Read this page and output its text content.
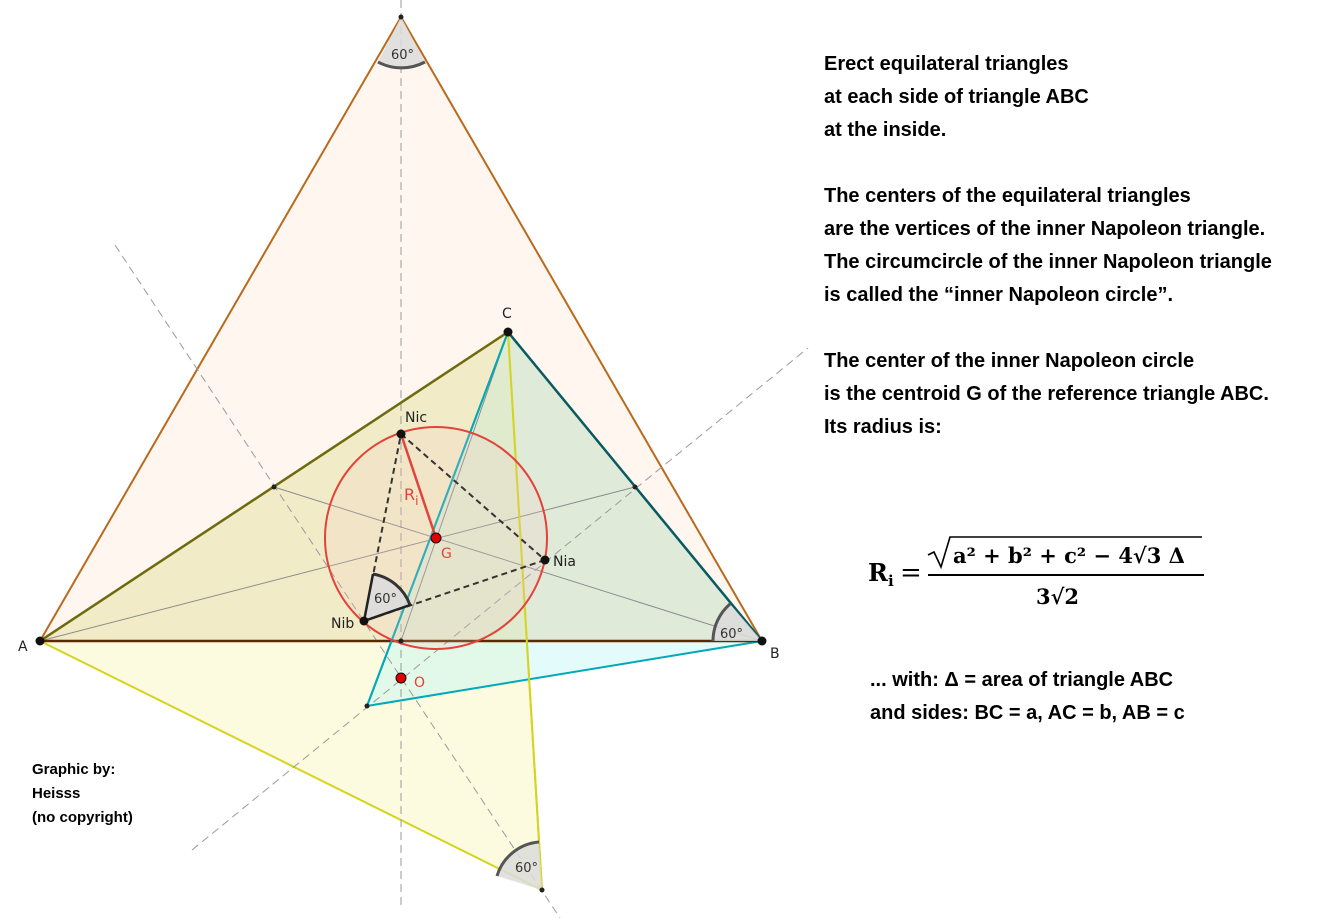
60°
60°
60°
60°
A	B
C
Nic
Nia
Nib
G
O
$R_i$
Erect equilateral triangles
at each side of triangle ABC
at the inside.
The centers of the equilateral triangles
are the vertices of the inner Napoleon triangle.
The circumcircle of the inner Napoleon triangle
is called the “inner Napoleon circle”.
The center of the inner Napoleon circle
is the centroid G of the reference triangle ABC.
Its radius is:
$R_i$ =
a² + b² + c² − 4√3 Δ
3√2
... with: Δ = area of triangle ABC
and sides: BC = a, AC = b, AB = c
Graphic by:
Heisss
(no copyright)
